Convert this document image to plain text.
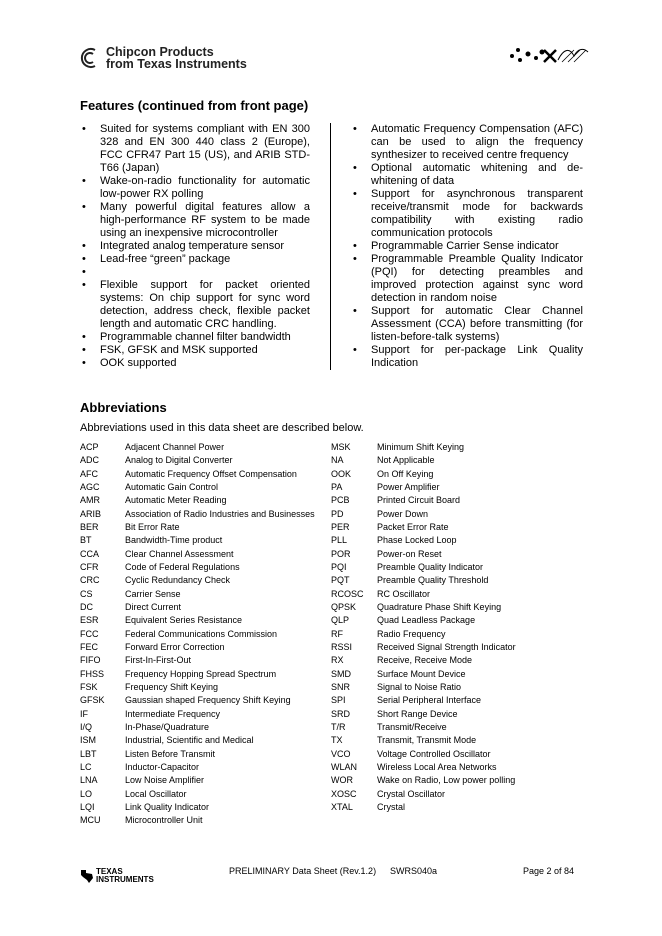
Chipcon Products
from Texas Instruments
Features (continued from front page)
• Suited for systems compliant with EN 300 328 and EN 300 440 class 2 (Europe), FCC CFR47 Part 15 (US), and ARIB STD-T66 (Japan)
• Wake-on-radio functionality for automatic low-power RX polling
• Many powerful digital features allow a high-performance RF system to be made using an inexpensive microcontroller
• Integrated analog temperature sensor
• Lead-free “green” package
•
• Flexible support for packet oriented systems: On chip support for sync word detection, address check, flexible packet length and automatic CRC handling.
• Programmable channel filter bandwidth
• FSK, GFSK and MSK supported
• OOK supported
• Automatic Frequency Compensation (AFC) can be used to align the frequency synthesizer to received centre frequency
• Optional automatic whitening and de-whitening of data
• Support for asynchronous transparent receive/transmit mode for backwards compatibility with existing radio communication protocols
• Programmable Carrier Sense indicator
• Programmable Preamble Quality Indicator (PQI) for detecting preambles and improved protection against sync word detection in random noise
• Support for automatic Clear Channel Assessment (CCA) before transmitting (for listen-before-talk systems)
• Support for per-package Link Quality Indication
Abbreviations
Abbreviations used in this data sheet are described below.
ACP	Adjacent Channel Power
ADC	Analog to Digital Converter
AFC	Automatic Frequency Offset Compensation
AGC	Automatic Gain Control
AMR	Automatic Meter Reading
ARIB	Association of Radio Industries and Businesses
BER	Bit Error Rate
BT	Bandwidth-Time product
CCA	Clear Channel Assessment
CFR	Code of Federal Regulations
CRC	Cyclic Redundancy Check
CS	Carrier Sense
DC	Direct Current
ESR	Equivalent Series Resistance
FCC	Federal Communications Commission
FEC	Forward Error Correction
FIFO	First-In-First-Out
FHSS	Frequency Hopping Spread Spectrum
FSK	Frequency Shift Keying
GFSK	Gaussian shaped Frequency Shift Keying
IF	Intermediate Frequency
I/Q	In-Phase/Quadrature
ISM	Industrial, Scientific and Medical
LBT	Listen Before Transmit
LC	Inductor-Capacitor
LNA	Low Noise Amplifier
LO	Local Oscillator
LQI	Link Quality Indicator
MCU	Microcontroller Unit
MSK	Minimum Shift Keying
NA	Not Applicable
OOK	On Off Keying
PA	Power Amplifier
PCB	Printed Circuit Board
PD	Power Down
PER	Packet Error Rate
PLL	Phase Locked Loop
POR	Power-on Reset
PQI	Preamble Quality Indicator
PQT	Preamble Quality Threshold
RCOSC	RC Oscillator
QPSK	Quadrature Phase Shift Keying
QLP	Quad Leadless Package
RF	Radio Frequency
RSSI	Received Signal Strength Indicator
RX	Receive, Receive Mode
SMD	Surface Mount Device
SNR	Signal to Noise Ratio
SPI	Serial Peripheral Interface
SRD	Short Range Device
T/R	Transmit/Receive
TX	Transmit, Transmit Mode
VCO	Voltage Controlled Oscillator
WLAN	Wireless Local Area Networks
WOR	Wake on Radio, Low power polling
XOSC	Crystal Oscillator
XTAL	Crystal
TEXAS
INSTRUMENTS
PRELIMINARY Data Sheet (Rev.1.2) SWRS040a	Page 2 of 84
